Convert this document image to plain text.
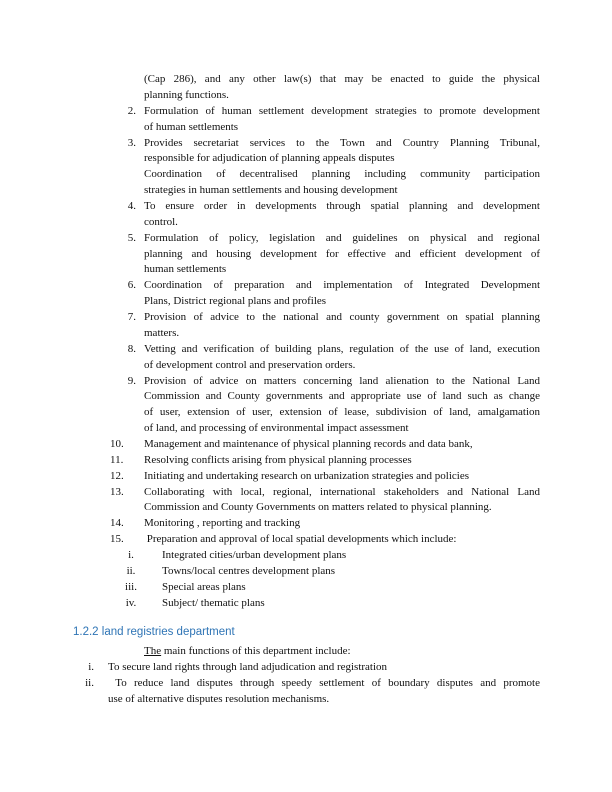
(Cap 286), and any other law(s) that may be enacted to guide the physical
planning functions.
2. Formulation of human settlement development strategies to promote development
of human settlements
3. Provides secretariat services to the Town and Country Planning Tribunal,
responsible for adjudication of planning appeals disputes
Coordination of decentralised planning including community participation
strategies in human settlements and housing development
4. To ensure order in developments through spatial planning and development
control.
5. Formulation of policy, legislation and guidelines on physical and regional
planning and housing development for effective and efficient development of
human settlements
6. Coordination of preparation and implementation of Integrated Development
Plans, District regional plans and profiles
7. Provision of advice to the national and county government on spatial planning
matters.
8. Vetting and verification of building plans, regulation of the use of land, execution
of development control and preservation orders.
9. Provision of advice on matters concerning land alienation to the National Land
Commission and County governments and appropriate use of land such as change
of user, extension of user, extension of lease, subdivision of land, amalgamation
of land, and processing of environmental impact assessment
10.	Management and maintenance of physical planning records and data bank,
11.	Resolving conflicts arising from physical planning processes
12.	Initiating and undertaking research on urbanization strategies and policies
13.	Collaborating with local, regional, international stakeholders and National Land
Commission and County Governments on matters related to physical planning.
14.	Monitoring , reporting and tracking
15.	Preparation and approval of local spatial developments which include:
i.	Integrated cities/urban development plans
ii.	Towns/local centres development plans
iii.	Special areas plans
iv.	Subject/ thematic plans
1.2.2 land registries department
The main functions of this department include:
i. To secure land rights through land adjudication and registration
ii. To reduce land disputes through speedy settlement of boundary disputes and promote
use of alternative disputes resolution mechanisms.
